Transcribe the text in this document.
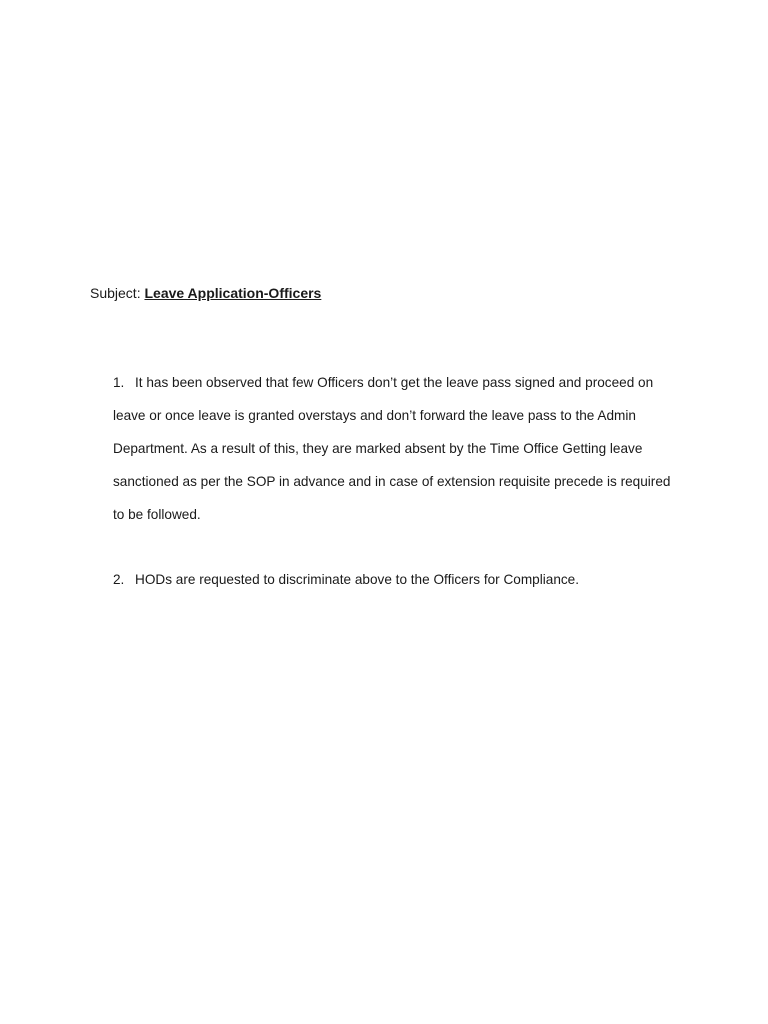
Subject: Leave Application-Officers
1. It has been observed that few Officers don’t get the leave pass signed and proceed on leave or once leave is granted overstays and don’t forward the leave pass to the Admin Department. As a result of this, they are marked absent by the Time Office Getting leave sanctioned as per the SOP in advance and in case of extension requisite precede is required to be followed.
2. HODs are requested to discriminate above to the Officers for Compliance.
